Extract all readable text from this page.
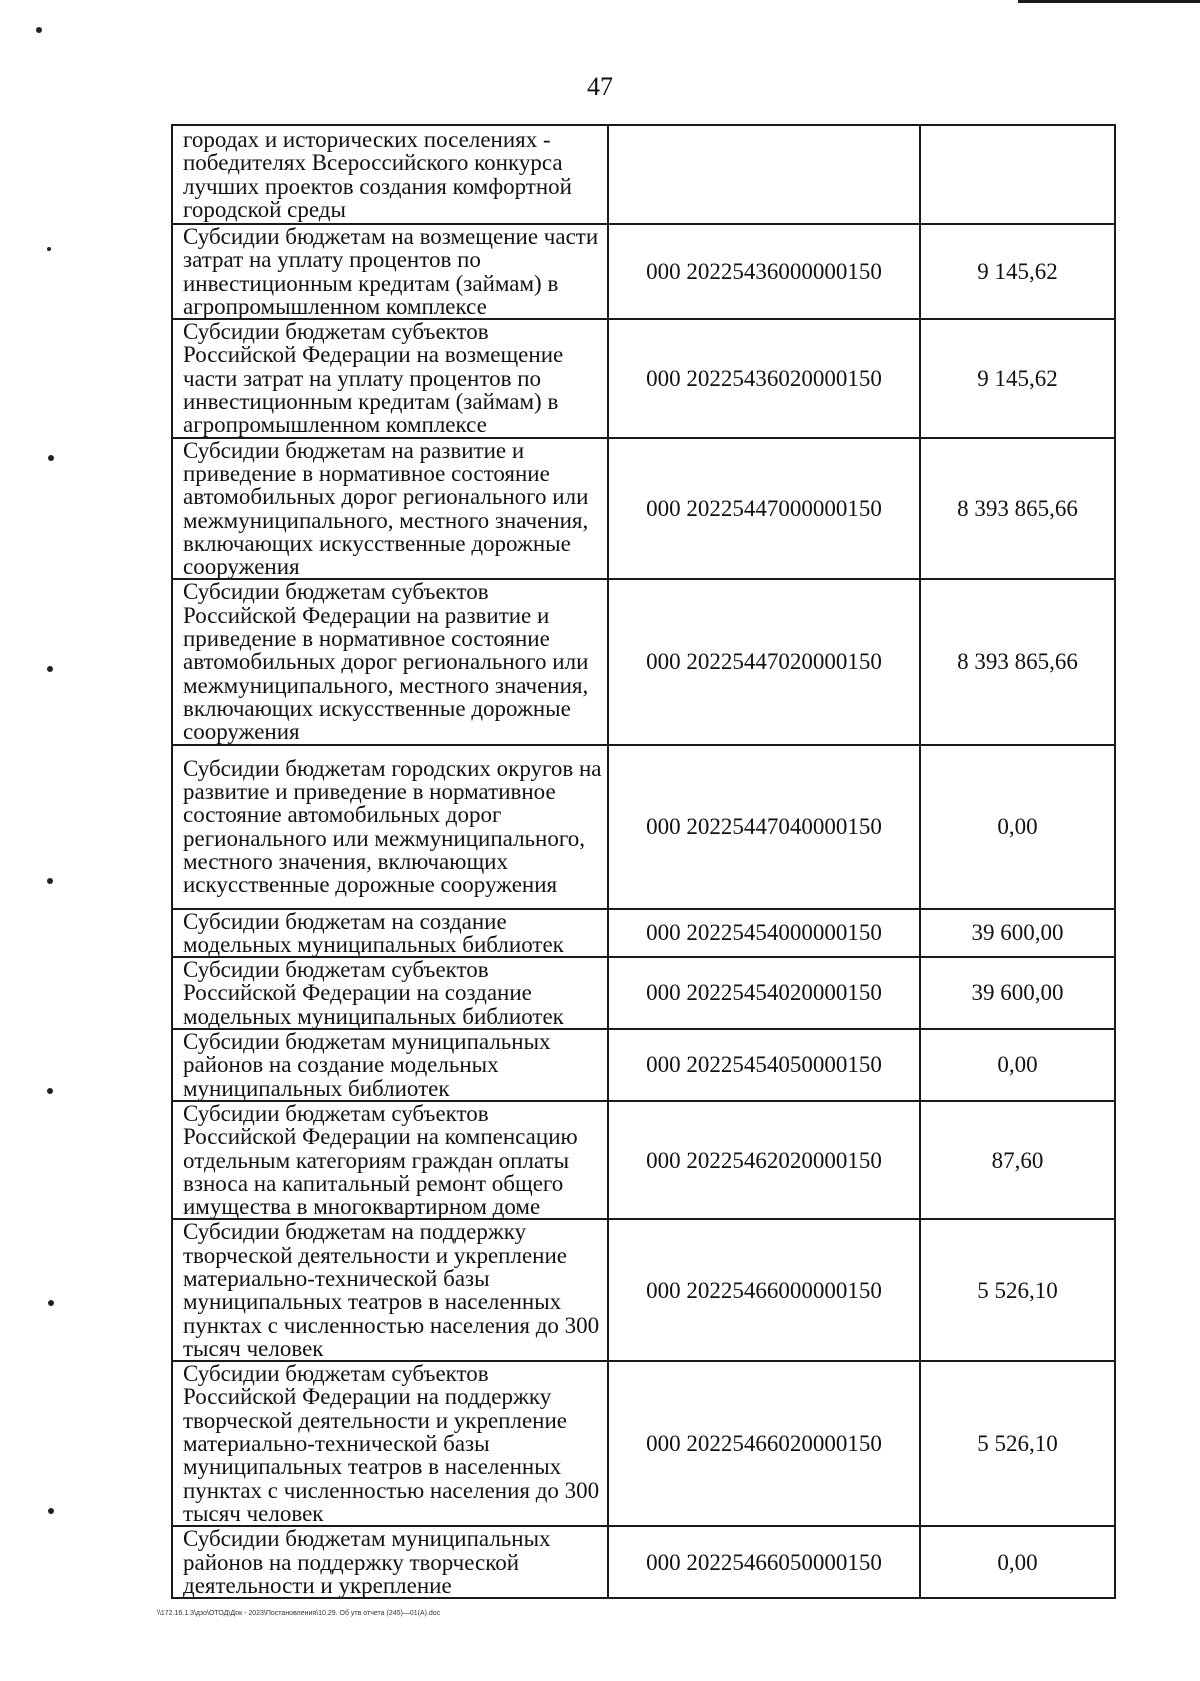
47
городах и исторических поселениях - победителях Всероссийского конкурса лучших проектов создания комфортной городской среды		
Субсидии бюджетам на возмещение части затрат на уплату процентов по инвестиционным кредитам (займам) в агропромышленном комплексе	000 20225436000000150	9 145,62
Субсидии бюджетам субъектов Российской Федерации на возмещение части затрат на уплату процентов по инвестиционным кредитам (займам) в агропромышленном комплексе	000 20225436020000150	9 145,62
Субсидии бюджетам на развитие и приведение в нормативное состояние автомобильных дорог регионального или межмуниципального, местного значения, включающих искусственные дорожные сооружения	000 20225447000000150	8 393 865,66
Субсидии бюджетам субъектов Российской Федерации на развитие и приведение в нормативное состояние автомобильных дорог регионального или межмуниципального, местного значения, включающих искусственные дорожные сооружения	000 20225447020000150	8 393 865,66
Субсидии бюджетам городских округов на развитие и приведение в нормативное состояние автомобильных дорог регионального или межмуниципального, местного значения, включающих искусственные дорожные сооружения	000 20225447040000150	0,00
Субсидии бюджетам на создание модельных муниципальных библиотек	000 20225454000000150	39 600,00
Субсидии бюджетам субъектов Российской Федерации на создание модельных муниципальных библиотек	000 20225454020000150	39 600,00
Субсидии бюджетам муниципальных районов на создание модельных муниципальных библиотек	000 20225454050000150	0,00
Субсидии бюджетам субъектов Российской Федерации на компенсацию отдельным категориям граждан оплаты взноса на капитальный ремонт общего имущества в многоквартирном доме	000 20225462020000150	87,60
Субсидии бюджетам на поддержку творческой деятельности и укрепление материально-технической базы муниципальных театров в населенных пунктах с численностью населения до 300 тысяч человек	000 20225466000000150	5 526,10
Субсидии бюджетам субъектов Российской Федерации на поддержку творческой деятельности и укрепление материально-технической базы муниципальных театров в населенных пунктах с численностью населения до 300 тысяч человек	000 20225466020000150	5 526,10
Субсидии бюджетам муниципальных районов на поддержку творческой деятельности и укрепление	000 20225466050000150	0,00
\\172.16.1.3\дзо\ОТОД\Док - 2023\Постановления\10.29. Об утв отчета (245)—01(А).doc
